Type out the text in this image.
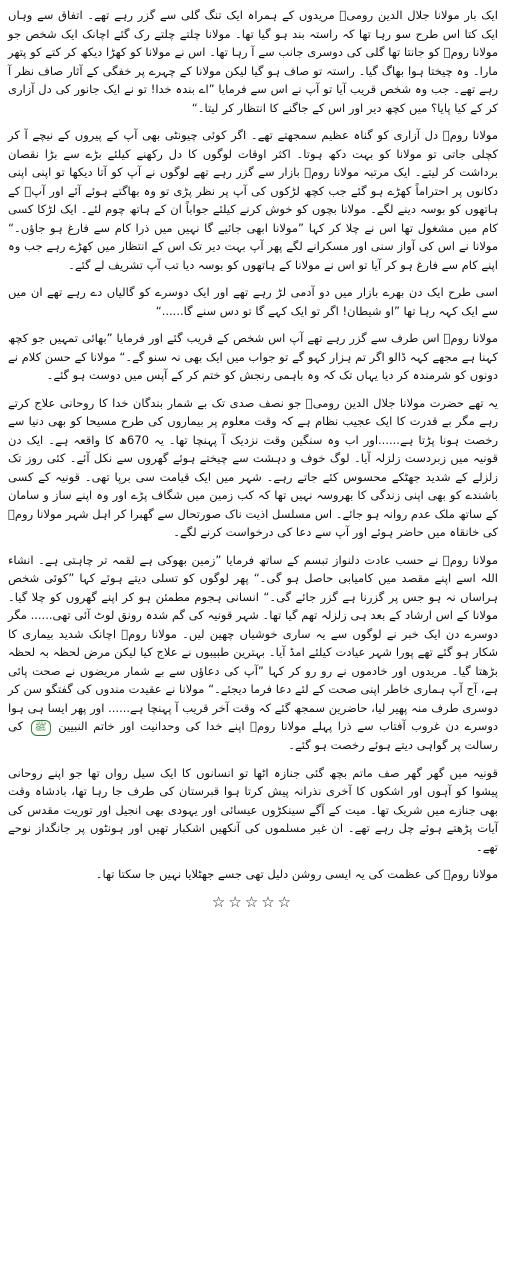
ایک بار مولانا جلال الدین رومیؒ مریدوں کے ہمراہ ایک تنگ گلی سے گزر رہے تھے۔ اتفاق سے وہاں ایک کتا اس طرح سو رہا تھا کہ راستہ بند ہو گیا تھا۔ مولانا چلتے چلتے رک گئے اچانک ایک شخص جو مولانا رومؒ کو جانتا تھا گلی کی دوسری جانب سے آ رہا تھا۔ اس نے مولانا کو کھڑا دیکھ کر کتے کو پتھر مارا۔ وہ چیختا ہوا بھاگ گیا۔ راستہ تو صاف ہو گیا لیکن مولانا کے چہرے پر خفگی کے آثار صاف نظر آ رہے تھے۔ جب وہ شخص قریب آیا تو آپ نے اس سے فرمایا ”اے بندہ خدا! تو نے ایک جانور کی دل آزاری کر کے کیا پایا؟ میں کچھ دیر اور اس کے جاگنے کا انتظار کر لیتا۔“

مولانا رومؒ دل آزاری کو گناہ عظیم سمجھتے تھے۔ اگر کوئی چیونٹی بھی آپ کے پیروں کے نیچے آ کر کچلی جاتی تو مولانا کو بہت دکھ ہوتا۔ اکثر اوقات لوگوں کا دل رکھنے کیلئے بڑے سے بڑا نقصان برداشت کر لیتے۔ ایک مرتبہ مولانا رومؒ بازار سے گزر رہے تھے لوگوں نے آپ کو آتا دیکھا تو اپنی اپنی دکانوں پر احتراماً کھڑے ہو گئے جب کچھ لڑکوں کی آپ پر نظر پڑی تو وہ بھاگتے ہوئے آئے اور آپؒ کے ہاتھوں کو بوسہ دینے لگے۔ مولانا بچوں کو خوش کرنے کیلئے جواباً ان کے ہاتھ چوم لئے۔ ایک لڑکا کسی کام میں مشغول تھا اس نے چلا کر کہا ”مولانا ابھی جائیے گا نہیں میں ذرا کام سے فارغ ہو جاؤں۔“ مولانا نے اس کی آواز سنی اور مسکرانے لگے پھر آپ بہت دیر تک اس کے انتظار میں کھڑے رہے جب وہ اپنے کام سے فارغ ہو کر آیا تو اس نے مولانا کے ہاتھوں کو بوسہ دیا تب آپ تشریف لے گئے۔

اسی طرح ایک دن بھرے بازار میں دو آدمی لڑ رہے تھے اور ایک دوسرے کو گالیاں دے رہے تھے ان میں سے ایک کہہ رہا تھا ”او شیطان! اگر تو ایک کہے گا تو دس سنے گا......“

مولانا رومؒ اس طرف سے گزر رہے تھے آپ اس شخص کے قریب گئے اور فرمایا ”بھائی تمہیں جو کچھ کہنا ہے مجھے کہہ ڈالو اگر تم ہزار کہو گے تو جواب میں ایک بھی نہ سنو گے۔“ مولانا کے حسن کلام نے دونوں کو شرمندہ کر دیا یہاں تک کہ وہ باہمی رنجش کو ختم کر کے آپس میں دوست ہو گئے۔

یہ تھے حضرت مولانا جلال الدین رومیؒ جو نصف صدی تک بے شمار بندگان خدا کا روحانی علاج کرتے رہے مگر بے قدرت کا ایک عجیب نظام ہے کہ وقت معلوم پر بیماروں کی طرح مسیحا کو بھی دنیا سے رخصت ہونا پڑتا ہے......اور اب وہ سنگین وقت نزدیک آ پہنچا تھا۔ یہ 670ھ کا واقعہ ہے۔ ایک دن قونیہ میں زبردست زلزلہ آیا۔ لوگ خوف و دہشت سے چیختے ہوئے گھروں سے نکل آئے۔ کئی روز تک زلزلے کے شدید جھٹکے محسوس کئے جاتے رہے۔ شہر میں ایک قیامت سی برپا تھی۔ قونیہ کے کسی باشندے کو بھی اپنی زندگی کا بھروسہ نہیں تھا کہ کب زمین میں شگاف پڑے اور وہ اپنے ساز و سامان کے ساتھ ملک عدم روانہ ہو جائے۔ اس مسلسل اذیت ناک صورتحال سے گھبرا کر اہل شہر مولانا رومؒ کی خانقاہ میں حاضر ہوئے اور آپ سے دعا کی درخواست کرنے لگے۔

مولانا رومؒ نے حسب عادت دلنواز تبسم کے ساتھ فرمایا ”زمین بھوکی ہے لقمہ تر چاہتی ہے۔ انشاء اللہ اسے اپنے مقصد میں کامیابی حاصل ہو گی۔“ پھر لوگوں کو تسلی دیتے ہوئے کہا ”کوئی شخص ہراساں نہ ہو جس پر گزرنا ہے گزر جائے گی۔“ انسانی ہجوم مطمئن ہو کر اپنے گھروں کو چلا گیا۔ مولانا کے اس ارشاد کے بعد ہی زلزلہ تھم گیا تھا۔ شہر قونیہ کی گم شدہ رونق لوٹ آئی تھی...... مگر دوسرے دن ایک خبر نے لوگوں سے یہ ساری خوشیاں چھین لیں۔ مولانا رومؒ اچانک شدید بیماری کا شکار ہو گئے تھے پورا شہر عیادت کیلئے امڈ آیا۔ بہترین طبیبوں نے علاج کیا لیکن مرض لحظہ بہ لحظہ بڑھتا گیا۔ مریدوں اور خادموں نے رو رو کر کہا ”آپ کی دعاؤں سے بے شمار مریضوں نے صحت پائی ہے، آج آپ ہماری خاطر اپنی صحت کے لئے دعا فرما دیجئے۔“ مولانا نے عقیدت مندوں کی گفتگو سن کر دوسری طرف منہ پھیر لیا، حاضرین سمجھ گئے کہ وقت آخر قریب آ پہنچا ہے...... اور پھر ایسا ہی ہوا دوسرے دن غروب آفتاب سے ذرا پہلے مولانا رومؒ اپنے خدا کی وحدانیت اور خاتم النبیین ﷺ کی رسالت پر گواہی دیتے ہوئے رخصت ہو گئے۔

قونیہ میں گھر گھر صف ماتم بچھ گئی جنازہ اٹھا تو انسانوں کا ایک سیل رواں تھا جو اپنے روحانی پیشوا کو آہوں اور اشکوں کا آخری نذرانہ پیش کرتا ہوا قبرستان کی طرف جا رہا تھا، بادشاہ وقت بھی جنازے میں شریک تھا۔ میت کے آگے سینکڑوں عیسائی اور یہودی بھی انجیل اور توریت مقدس کی آیات پڑھتے ہوئے چل رہے تھے۔ ان غیر مسلموں کی آنکھیں اشکبار تھیں اور ہونٹوں پر جانگداز نوحے تھے۔

مولانا رومؒ کی عظمت کی یہ ایسی روشن دلیل تھی جسے جھٹلایا نہیں جا سکتا تھا۔

☆☆☆☆☆
